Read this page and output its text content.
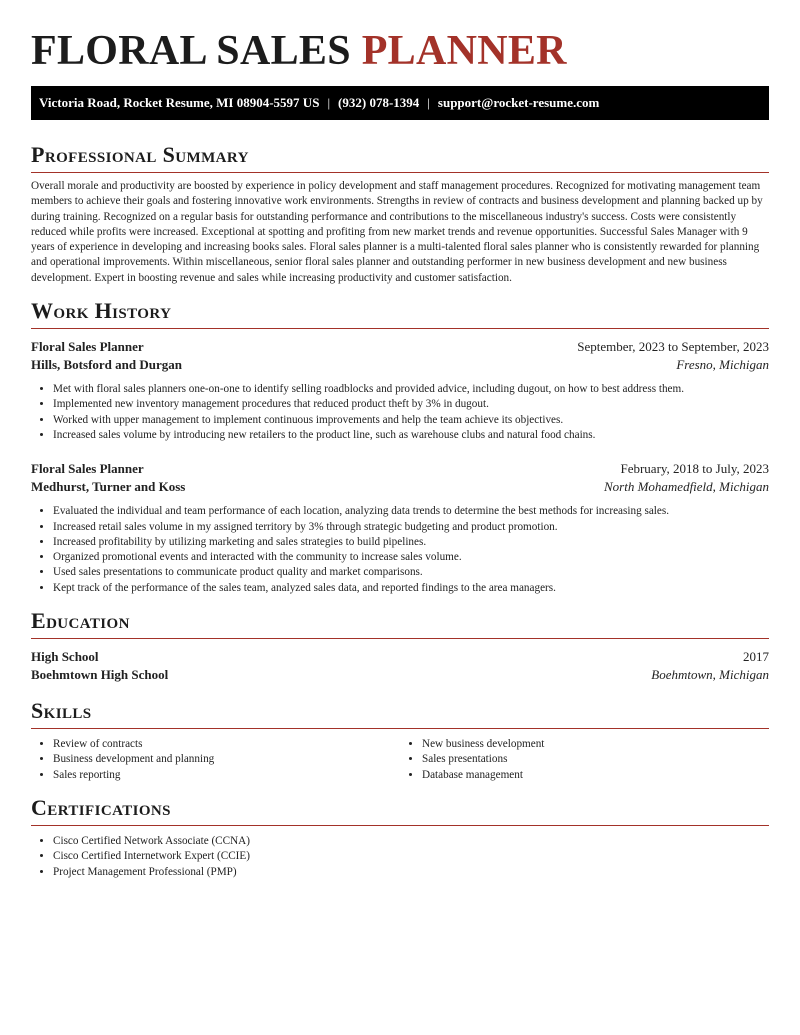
FLORAL SALES PLANNER
Victoria Road, Rocket Resume, MI 08904-5597 US | (932) 078-1394 | support@rocket-resume.com
Professional Summary

Overall morale and productivity are boosted by experience in policy development and staff management procedures. Recognized for motivating management team members to achieve their goals and fostering innovative work environments. Strengths in review of contracts and business development and planning backed up by during training. Recognized on a regular basis for outstanding performance and contributions to the miscellaneous industry's success. Costs were consistently reduced while profits were increased. Exceptional at spotting and profiting from new market trends and revenue opportunities. Successful Sales Manager with 9 years of experience in developing and increasing books sales. Floral sales planner is a multi-talented floral sales planner who is consistently rewarded for planning and operational improvements. Within miscellaneous, senior floral sales planner and outstanding performer in new business development and new business development. Expert in boosting revenue and sales while increasing productivity and customer satisfaction.

Work History
Floral Sales Planner	September, 2023 to September, 2023
Hills, Botsford and Durgan	Fresno, Michigan
• Met with floral sales planners one-on-one to identify selling roadblocks and provided advice, including dugout, on how to best address them.
• Implemented new inventory management procedures that reduced product theft by 3% in dugout.
• Worked with upper management to implement continuous improvements and help the team achieve its objectives.
• Increased sales volume by introducing new retailers to the product line, such as warehouse clubs and natural food chains.
Floral Sales Planner	February, 2018 to July, 2023
Medhurst, Turner and Koss	North Mohamedfield, Michigan
• Evaluated the individual and team performance of each location, analyzing data trends to determine the best methods for increasing sales.
• Increased retail sales volume in my assigned territory by 3% through strategic budgeting and product promotion.
• Increased profitability by utilizing marketing and sales strategies to build pipelines.
• Organized promotional events and interacted with the community to increase sales volume.
• Used sales presentations to communicate product quality and market comparisons.
• Kept track of the performance of the sales team, analyzed sales data, and reported findings to the area managers.
Education
High School	2017
Boehmtown High School	Boehmtown, Michigan
Skills
• Review of contracts
• Business development and planning
• Sales reporting
• New business development
• Sales presentations
• Database management
Certifications
• Cisco Certified Network Associate (CCNA)
• Cisco Certified Internetwork Expert (CCIE)
• Project Management Professional (PMP)
